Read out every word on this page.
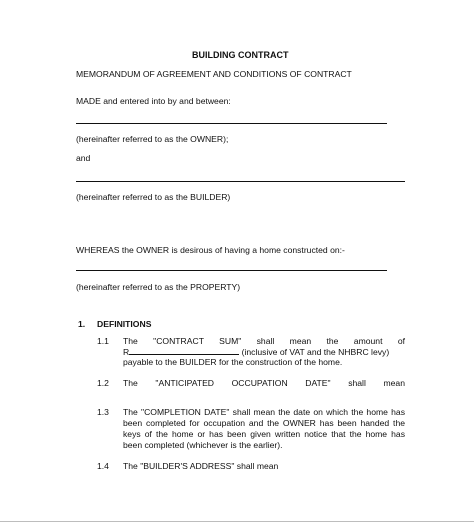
BUILDING CONTRACT
MEMORANDUM OF AGREEMENT AND CONDITIONS OF CONTRACT
MADE and entered into by and between:
(hereinafter referred to as the OWNER);
and
(hereinafter referred to as the BUILDER)
WHEREAS the OWNER is desirous of having a home constructed on:-
(hereinafter referred to as the PROPERTY)
1. DEFINITIONS
1.1 The "CONTRACT SUM" shall mean the amount of
R	(inclusive of VAT and the NHBRC levy)
payable to the BUILDER for the construction of the home.
1.2 The "ANTICIPATED OCCUPATION DATE" shall mean
1.3 The "COMPLETION DATE" shall mean the date on which the home has
been completed for occupation and the OWNER has been handed the
keys of the home or has been given written notice that the home has
been completed (whichever is the earlier).
1.4 The "BUILDER'S ADDRESS" shall mean
